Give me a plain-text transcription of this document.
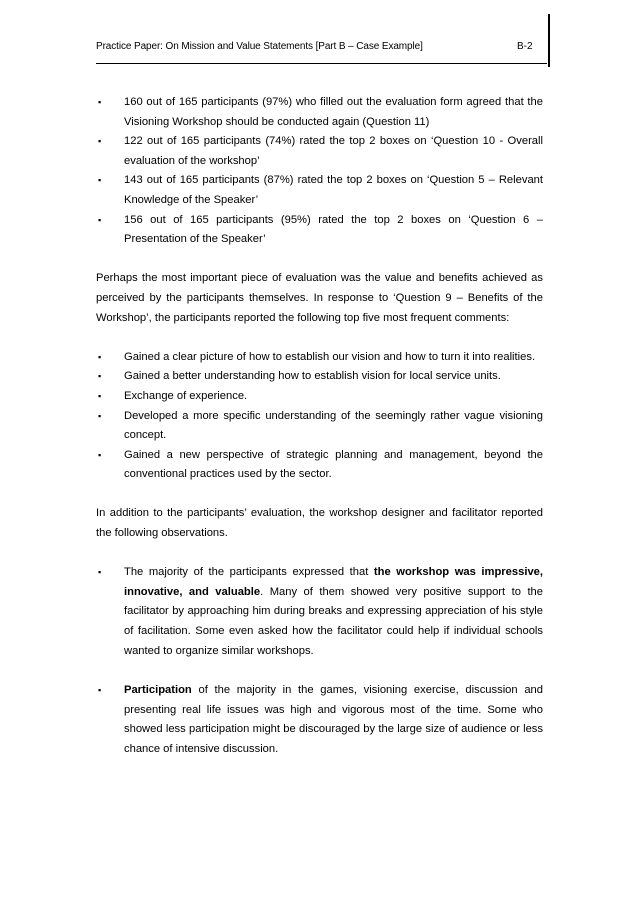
Practice Paper: On Mission and Value Statements [Part B – Case Example]	B-2
▪ 160 out of 165 participants (97%) who filled out the evaluation form agreed that the Visioning Workshop should be conducted again (Question 11)
▪ 122 out of 165 participants (74%) rated the top 2 boxes on ‘Question 10 - Overall evaluation of the workshop’
▪ 143 out of 165 participants (87%) rated the top 2 boxes on ‘Question 5 – Relevant Knowledge of the Speaker’
▪ 156 out of 165 participants (95%) rated the top 2 boxes on ‘Question 6 – Presentation of the Speaker’

Perhaps the most important piece of evaluation was the value and benefits achieved as perceived by the participants themselves. In response to ‘Question 9 – Benefits of the Workshop’, the participants reported the following top five most frequent comments:

▪ Gained a clear picture of how to establish our vision and how to turn it into realities.
▪ Gained a better understanding how to establish vision for local service units.
▪ Exchange of experience.
▪ Developed a more specific understanding of the seemingly rather vague visioning concept.
▪ Gained a new perspective of strategic planning and management, beyond the conventional practices used by the sector.

In addition to the participants’ evaluation, the workshop designer and facilitator reported the following observations.

▪ The majority of the participants expressed that the workshop was impressive, innovative, and valuable. Many of them showed very positive support to the facilitator by approaching him during breaks and expressing appreciation of his style of facilitation. Some even asked how the facilitator could help if individual schools wanted to organize similar workshops.
▪ Participation of the majority in the games, visioning exercise, discussion and presenting real life issues was high and vigorous most of the time. Some who showed less participation might be discouraged by the large size of audience or less chance of intensive discussion.
